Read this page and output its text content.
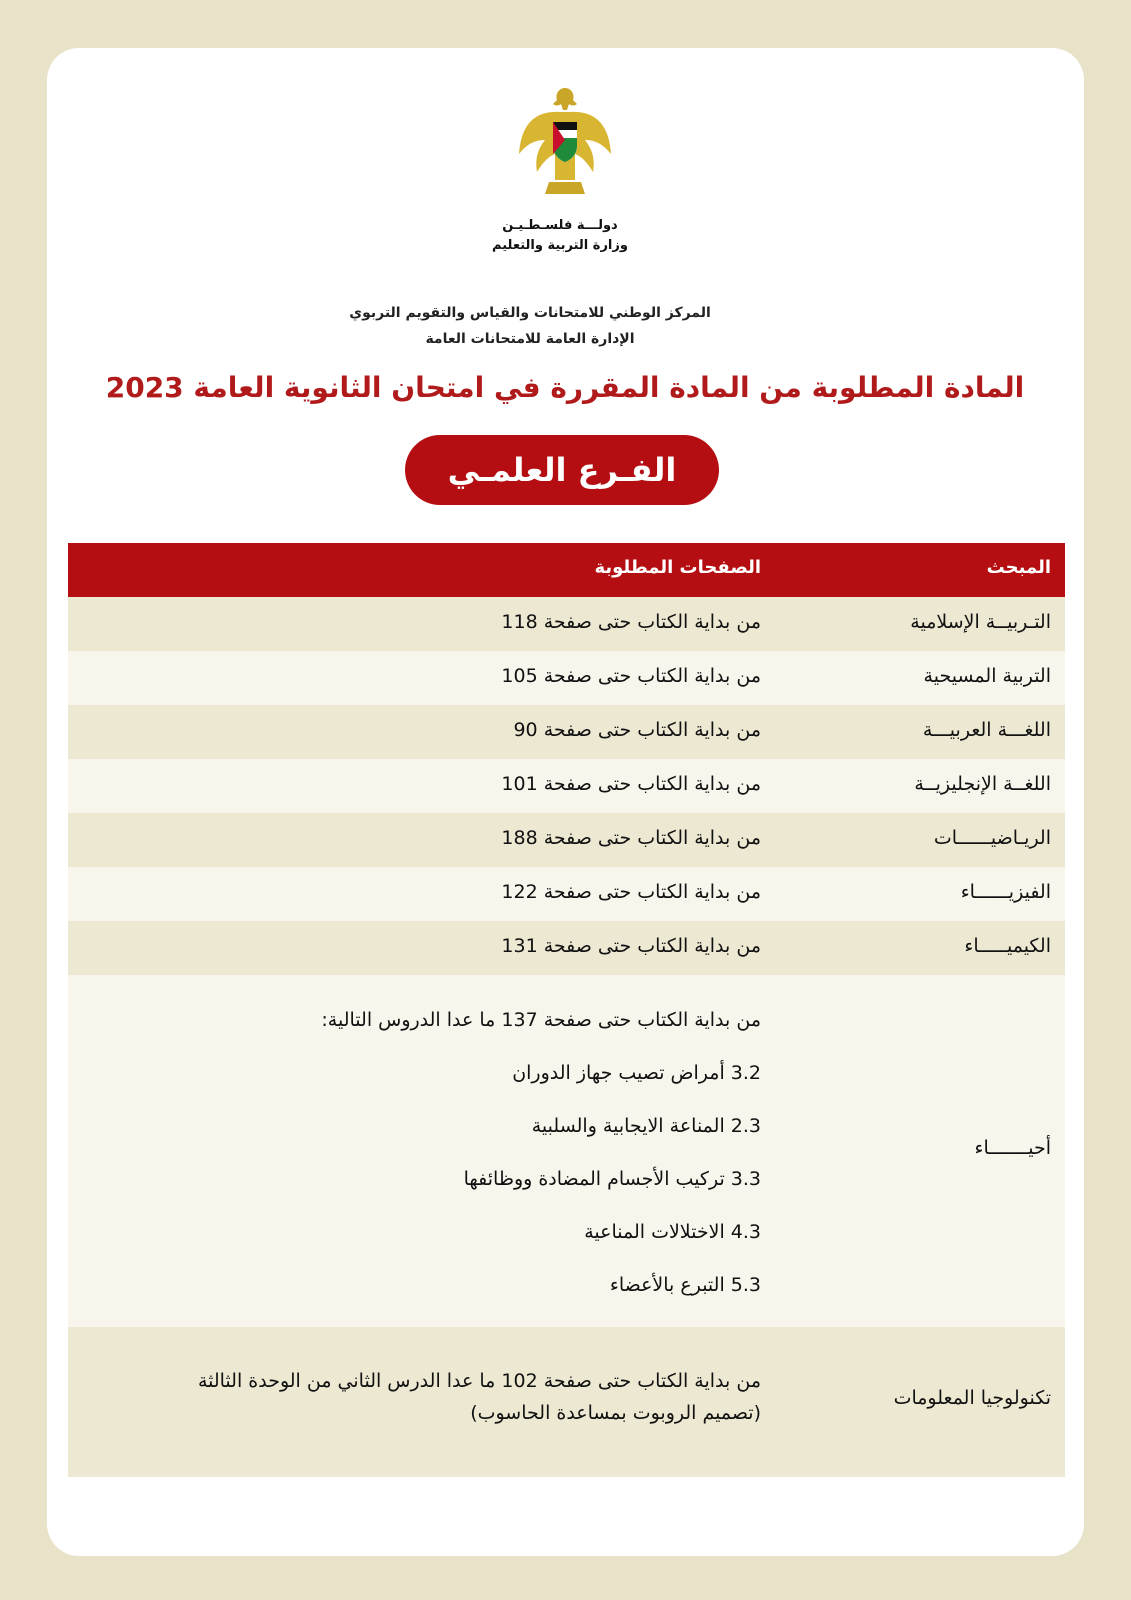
دولـــة فلسـطـيـن
وزارة التربية والتعليم
المركز الوطني للامتحانات والقياس والتقويم التربوي
الإدارة العامة للامتحانات العامة
المادة المطلوبة من المادة المقررة في امتحان الثانوية العامة 2023
الفـرع العلمـي
المبحث
الصفحات المطلوبة
التـربيــة الإسلامية
من بداية الكتاب حتى صفحة 118
التربية المسيحية
من بداية الكتاب حتى صفحة 105
اللغـــة العربيـــة
من بداية الكتاب حتى صفحة 90
اللغــة الإنجليزيــة
من بداية الكتاب حتى صفحة 101
الريـاضيــــــات
من بداية الكتاب حتى صفحة 188
الفيزيــــــاء
من بداية الكتاب حتى صفحة 122
الكيميـــــاء
من بداية الكتاب حتى صفحة 131
أحيـــــــاء
من بداية الكتاب حتى صفحة 137 ما عدا الدروس التالية:
3.2 أمراض تصيب جهاز الدوران
2.3 المناعة الايجابية والسلبية
3.3 تركيب الأجسام المضادة ووظائفها
4.3 الاختلالات المناعية
5.3 التبرع بالأعضاء
تكنولوجيا المعلومات
من بداية الكتاب حتى صفحة 102 ما عدا الدرس الثاني من الوحدة الثالثة
(تصميم الروبوت بمساعدة الحاسوب)
